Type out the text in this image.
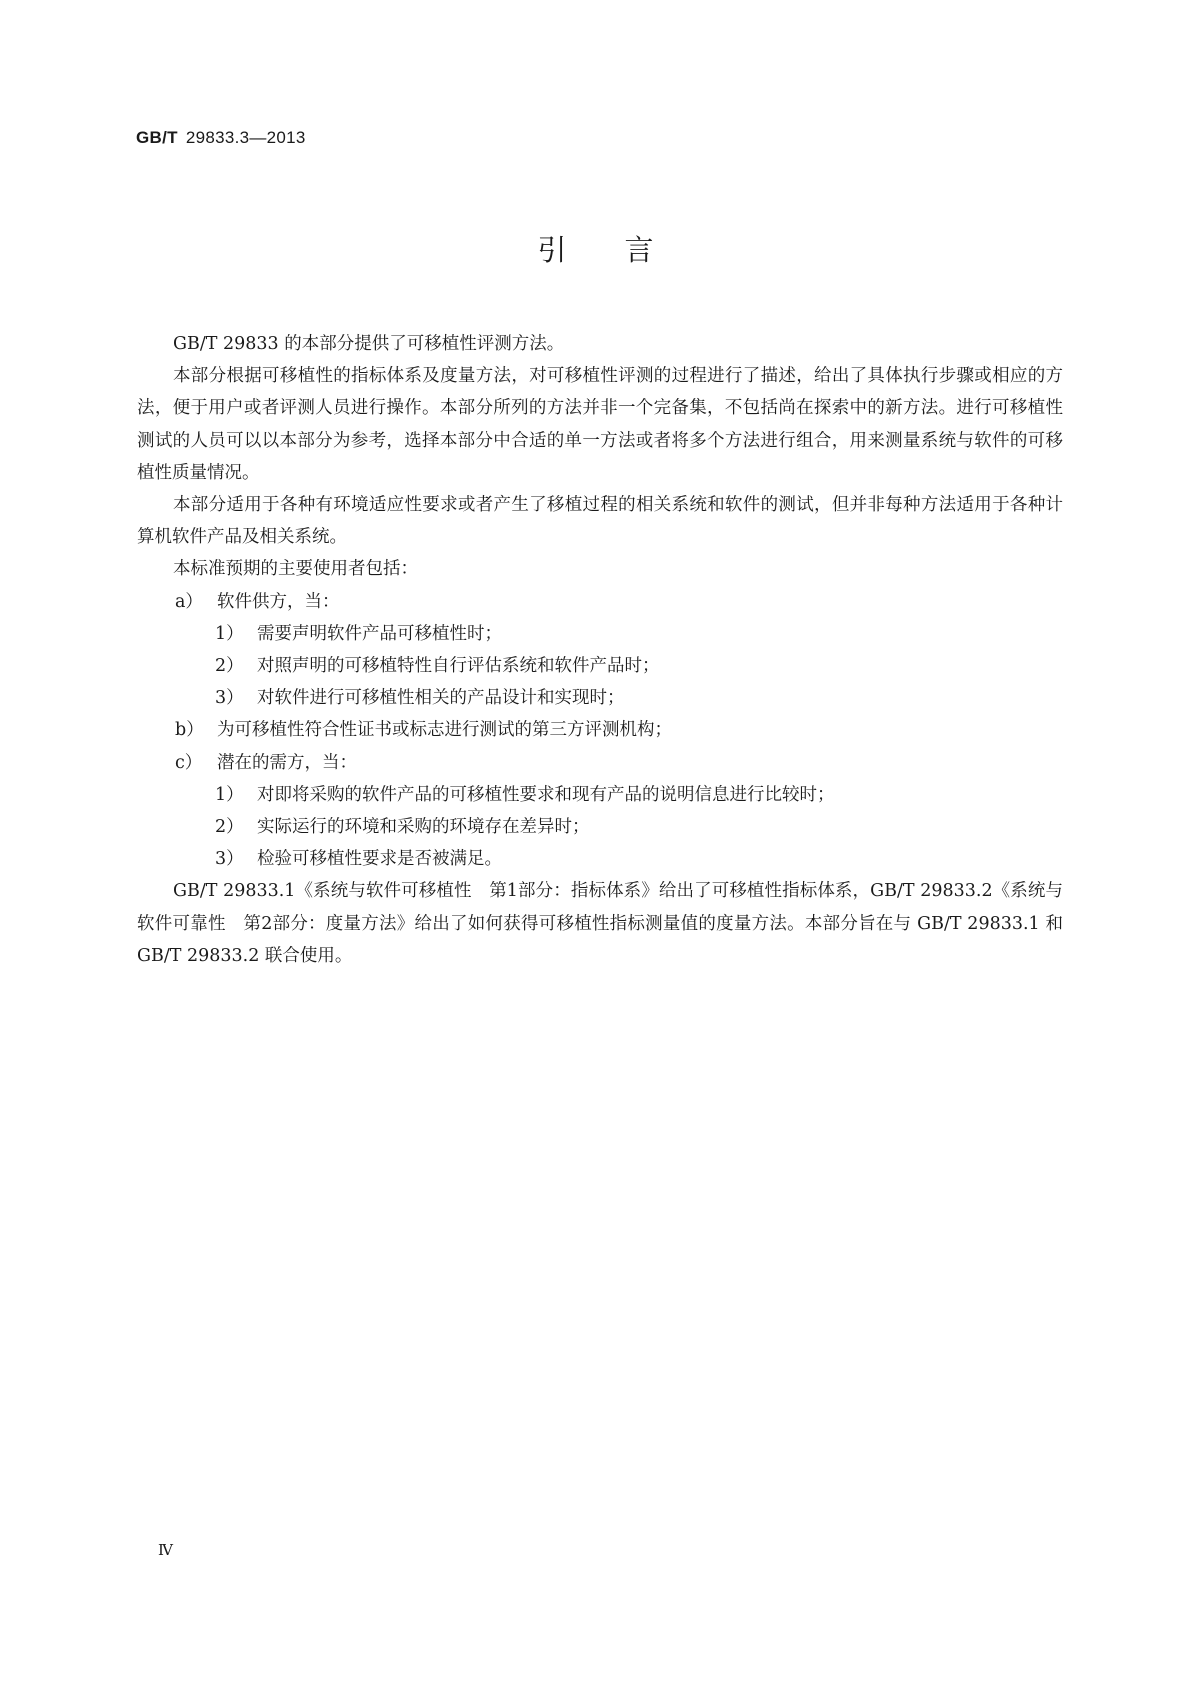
GB/T 29833.3—2013
引言

GB/T 29833 的本部分提供了可移植性评测方法。

本部分根据可移植性的指标体系及度量方法，对可移植性评测的过程进行了描述，给出了具体执行步骤或相应的方法，便于用户或者评测人员进行操作。本部分所列的方法并非一个完备集，不包括尚在探索中的新方法。进行可移植性测试的人员可以以本部分为参考，选择本部分中合适的单一方法或者将多个方法进行组合，用来测量系统与软件的可移植性质量情况。

本部分适用于各种有环境适应性要求或者产生了移植过程的相关系统和软件的测试，但并非每种方法适用于各种计算机软件产品及相关系统。

本标准预期的主要使用者包括：

a） 软件供方，当：

1） 需要声明软件产品可移植性时；

2） 对照声明的可移植特性自行评估系统和软件产品时；

3） 对软件进行可移植性相关的产品设计和实现时；

b） 为可移植性符合性证书或标志进行测试的第三方评测机构；

c） 潜在的需方，当：

1） 对即将采购的软件产品的可移植性要求和现有产品的说明信息进行比较时；

2） 实际运行的环境和采购的环境存在差异时；

3） 检验可移植性要求是否被满足。

GB/T 29833.1《系统与软件可移植性　第1部分：指标体系》给出了可移植性指标体系，GB/T 29833.2《系统与软件可靠性　第2部分：度量方法》给出了如何获得可移植性指标测量值的度量方法。本部分旨在与 GB/T 29833.1 和 GB/T 29833.2 联合使用。

Ⅳ
